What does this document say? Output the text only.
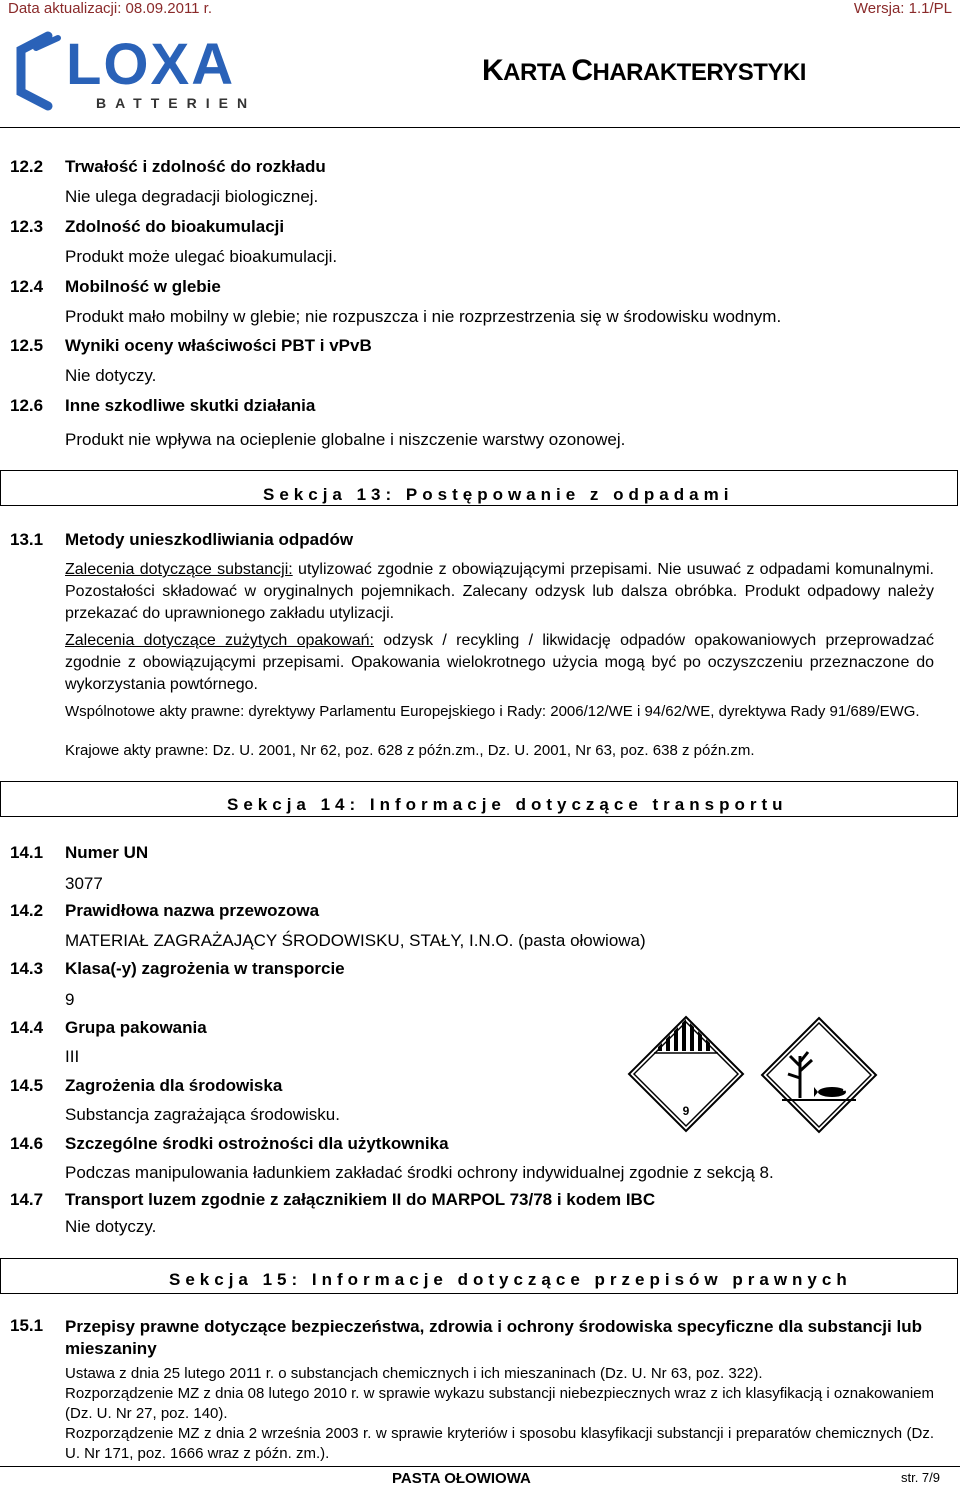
Data aktualizacji: 08.09.2011 r.	Wersja: 1.1/PL
LOXA
BATTERIEN
KARTA CHARAKTERYSTYKI
12.2 Trwałość i zdolność do rozkładu
Nie ulega degradacji biologicznej.
12.3 Zdolność do bioakumulacji
Produkt może ulegać bioakumulacji.
12.4 Mobilność w glebie
Produkt mało mobilny w glebie; nie rozpuszcza i nie rozprzestrzenia się w środowisku wodnym.
12.5 Wyniki oceny właściwości PBT i vPvB
Nie dotyczy.
12.6 Inne szkodliwe skutki działania
Produkt nie wpływa na ocieplenie globalne i niszczenie warstwy ozonowej.
Sekcja 13: Postępowanie z odpadami
13.1 Metody unieszkodliwiania odpadów
Zalecenia dotyczące substancji: utylizować zgodnie z obowiązującymi przepisami. Nie usuwać z odpadami komunalnymi. Pozostałości składować w oryginalnych pojemnikach. Zalecany odzysk lub dalsza obróbka. Produkt odpadowy należy przekazać do uprawnionego zakładu utylizacji.
Zalecenia dotyczące zużytych opakowań: odzysk / recykling / likwidację odpadów opakowaniowych przeprowadzać zgodnie z obowiązującymi przepisami. Opakowania wielokrotnego użycia mogą być po oczyszczeniu przeznaczone do wykorzystania powtórnego.
Wspólnotowe akty prawne: dyrektywy Parlamentu Europejskiego i Rady: 2006/12/WE i 94/62/WE, dyrektywa Rady 91/689/EWG.
Krajowe akty prawne: Dz. U. 2001, Nr 62, poz. 628 z późn.zm., Dz. U. 2001, Nr 63, poz. 638 z późn.zm.
Sekcja 14: Informacje dotyczące transportu
14.1 Numer UN
3077
14.2 Prawidłowa nazwa przewozowa
MATERIAŁ ZAGRAŻAJĄCY ŚRODOWISKU, STAŁY, I.N.O. (pasta ołowiowa)
14.3 Klasa(-y) zagrożenia w transporcie
9
14.4 Grupa pakowania
III
14.5 Zagrożenia dla środowiska
Substancja zagrażająca środowisku.
14.6 Szczególne środki ostrożności dla użytkownika
Podczas manipulowania ładunkiem zakładać środki ochrony indywidualnej zgodnie z sekcją 8.
14.7 Transport luzem zgodnie z załącznikiem II do MARPOL 73/78 i kodem IBC
Nie dotyczy.
9
Sekcja 15: Informacje dotyczące przepisów prawnych
15.1 Przepisy prawne dotyczące bezpieczeństwa, zdrowia i ochrony środowiska specyficzne dla substancji lub mieszaniny
Ustawa z dnia 25 lutego 2011 r. o substancjach chemicznych i ich mieszaninach (Dz. U. Nr 63, poz. 322).
Rozporządzenie MZ z dnia 08 lutego 2010 r. w sprawie wykazu substancji niebezpiecznych wraz z ich klasyfikacją i oznakowaniem (Dz. U. Nr 27, poz. 140).
Rozporządzenie MZ z dnia 2 września 2003 r. w sprawie kryteriów i sposobu klasyfikacji substancji i preparatów chemicznych (Dz. U. Nr 171, poz. 1666 wraz z późn. zm.).
PASTA OŁOWIOWA	str. 7/9
